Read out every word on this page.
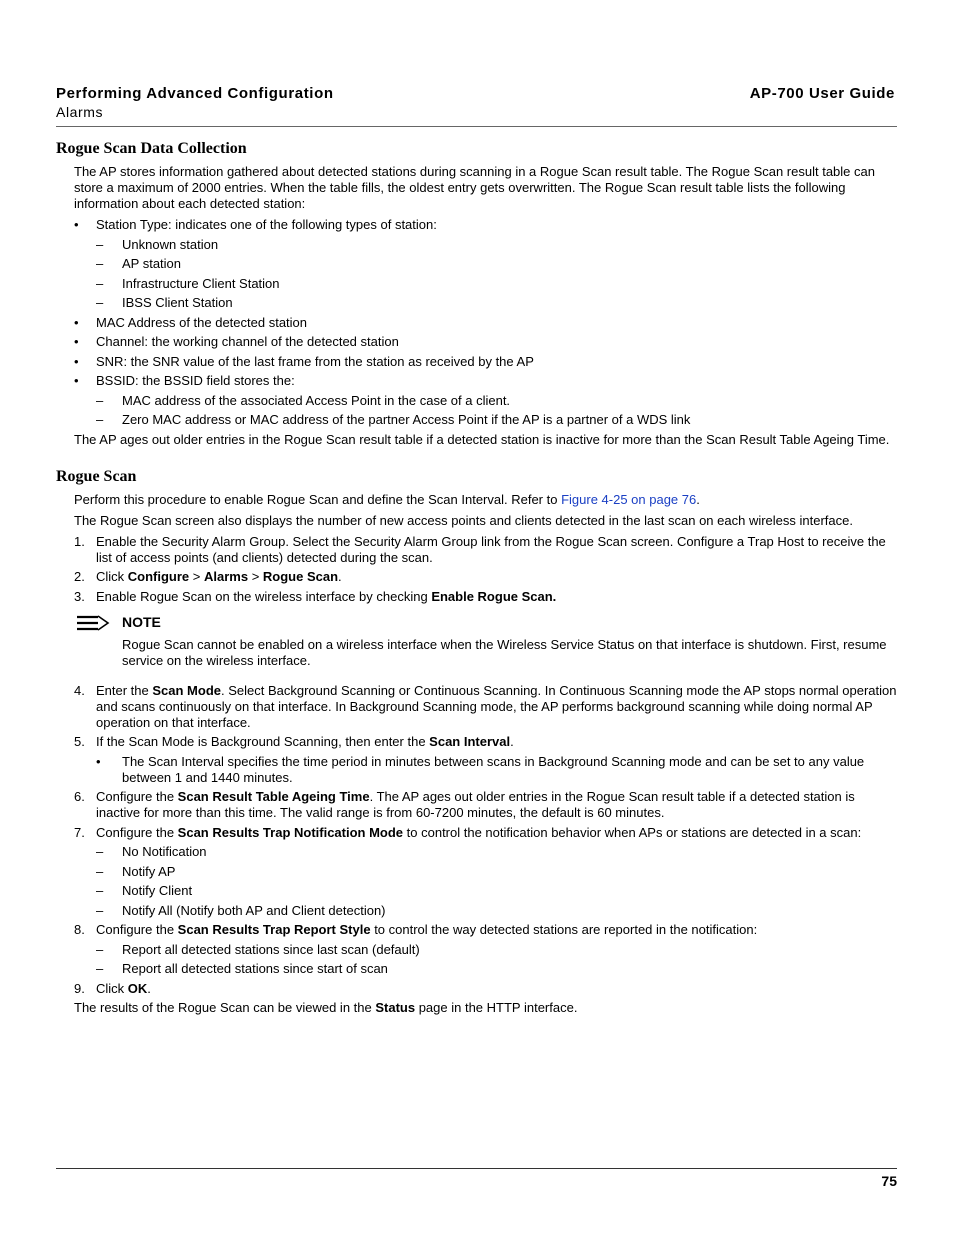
Performing Advanced Configuration
Alarms
AP-700 User Guide
Rogue Scan Data Collection

The AP stores information gathered about detected stations during scanning in a Rogue Scan result table. The Rogue Scan result table can store a maximum of 2000 entries. When the table fills, the oldest entry gets overwritten. The Rogue Scan result table lists the following information about each detected station:

• Station Type: indicates one of the following types of station:
– Unknown station
– AP station
– Infrastructure Client Station
– IBSS Client Station
• MAC Address of the detected station
• Channel: the working channel of the detected station
• SNR: the SNR value of the last frame from the station as received by the AP
• BSSID: the BSSID field stores the:
– MAC address of the associated Access Point in the case of a client.
– Zero MAC address or MAC address of the partner Access Point if the AP is a partner of a WDS link

The AP ages out older entries in the Rogue Scan result table if a detected station is inactive for more than the Scan Result Table Ageing Time.

Rogue Scan

Perform this procedure to enable Rogue Scan and define the Scan Interval. Refer to Figure 4-25 on page 76.

The Rogue Scan screen also displays the number of new access points and clients detected in the last scan on each wireless interface.

1. Enable the Security Alarm Group. Select the Security Alarm Group link from the Rogue Scan screen. Configure a Trap Host to receive the list of access points (and clients) detected during the scan.
2. Click Configure > Alarms > Rogue Scan.
3. Enable Rogue Scan on the wireless interface by checking Enable Rogue Scan.
NOTE
Rogue Scan cannot be enabled on a wireless interface when the Wireless Service Status on that interface is shutdown. First, resume service on the wireless interface.
4. Enter the Scan Mode. Select Background Scanning or Continuous Scanning. In Continuous Scanning mode the AP stops normal operation and scans continuously on that interface. In Background Scanning mode, the AP performs background scanning while doing normal AP operation on that interface.
5. If the Scan Mode is Background Scanning, then enter the Scan Interval.
• The Scan Interval specifies the time period in minutes between scans in Background Scanning mode and can be set to any value between 1 and 1440 minutes.
6. Configure the Scan Result Table Ageing Time. The AP ages out older entries in the Rogue Scan result table if a detected station is inactive for more than this time. The valid range is from 60-7200 minutes, the default is 60 minutes.
7. Configure the Scan Results Trap Notification Mode to control the notification behavior when APs or stations are detected in a scan:
– No Notification
– Notify AP
– Notify Client
– Notify All (Notify both AP and Client detection)
8. Configure the Scan Results Trap Report Style to control the way detected stations are reported in the notification:
– Report all detected stations since last scan (default)
– Report all detected stations since start of scan
9. Click OK.

The results of the Rogue Scan can be viewed in the Status page in the HTTP interface.

75
